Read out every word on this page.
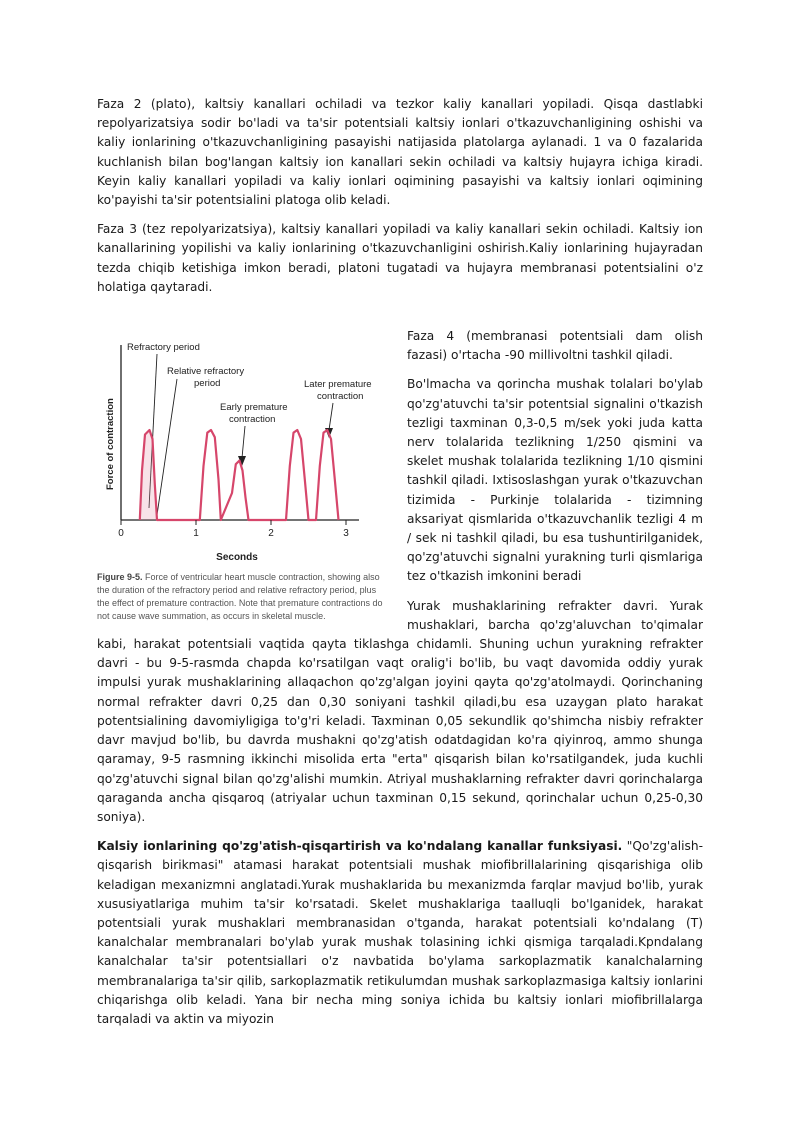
Faza 2 (plato), kaltsiy kanallari ochiladi va tezkor kaliy kanallari yopiladi. Qisqa dastlabki repolyarizatsiya sodir bo'ladi va ta'sir potentsiali kaltsiy ionlari o'tkazuvchanligining oshishi va kaliy ionlarining o'tkazuvchanligining pasayishi natijasida platolarga aylanadi. 1 va 0 fazalarida kuchlanish bilan bog'langan kaltsiy ion kanallari sekin ochiladi va kaltsiy hujayra ichiga kiradi. Keyin kaliy kanallari yopiladi va kaliy ionlari oqimining pasayishi va kaltsiy ionlari oqimining ko'payishi ta'sir potentsialini platoga olib keladi.

Faza 3 (tez repolyarizatsiya), kaltsiy kanallari yopiladi va kaliy kanallari sekin ochiladi. Kaltsiy ion kanallarining yopilishi va kaliy ionlarining o'tkazuvchanligini oshirish.Kaliy ionlarining hujayradan tezda chiqib ketishiga imkon beradi, platoni tugatadi va hujayra membranasi potentsialini o'z holatiga qaytaradi.

Force of contraction
Seconds
Refractory period
Relative refractory
period
Early premature
contraction
Later premature
contraction
0	1	2	3
Figure 9-5. Force of ventricular heart muscle contraction, showing also the duration of the refractory period and relative refractory period, plus the effect of premature contraction. Note that premature contractions do not cause wave summation, as occurs in skeletal muscle.

Faza 4 (membranasi potentsiali dam olish fazasi) o'rtacha -90 millivoltni tashkil qiladi.

Bo'lmacha va qorincha mushak tolalari bo'ylab qo'zg'atuvchi ta'sir potentsial signalini o'tkazish tezligi taxminan 0,3-0,5 m/sek yoki juda katta nerv tolalarida tezlikning 1/250 qismini va skelet mushak tolalarida tezlikning 1/10 qismini tashkil qiladi. Ixtisoslashgan yurak o'tkazuvchan tizimida - Purkinje tolalarida - tizimning aksariyat qismlarida o'tkazuvchanlik tezligi 4 m / sek ni tashkil qiladi, bu esa tushuntirilganidek, qo'zg'atuvchi signalni yurakning turli qismlariga tez o'tkazish imkonini beradi

Yurak mushaklarining refrakter davri. Yurak mushaklari, barcha qo'zg'aluvchan to'qimalar kabi, harakat potentsiali vaqtida qayta tiklashga chidamli. Shuning uchun yurakning refrakter davri - bu 9-5-rasmda chapda ko'rsatilgan vaqt oralig'i bo'lib, bu vaqt davomida oddiy yurak impulsi yurak mushaklarining allaqachon qo'zg'algan joyini qayta qo'zg'atolmaydi. Qorinchaning normal refrakter davri 0,25 dan 0,30 soniyani tashkil qiladi,bu esa uzaygan plato harakat potentsialining davomiyligiga to'g'ri keladi. Taxminan 0,05 sekundlik qo'shimcha nisbiy refrakter davr mavjud bo'lib, bu davrda mushakni qo'zg'atish odatdagidan ko'ra qiyinroq, ammo shunga qaramay, 9-5 rasmning ikkinchi misolida erta "erta" qisqarish bilan ko'rsatilgandek, juda kuchli qo'zg'atuvchi signal bilan qo'zg'alishi mumkin. Atriyal mushaklarning refrakter davri qorinchalarga qaraganda ancha qisqaroq (atriyalar uchun taxminan 0,15 sekund, qorinchalar uchun 0,25-0,30 soniya).

Kalsiy ionlarining qo'zg'atish-qisqartirish va ko'ndalang kanallar funksiyasi. "Qo'zg'alish-qisqarish birikmasi" atamasi harakat potentsiali mushak miofibrillalarining qisqarishiga olib keladigan mexanizmni anglatadi.Yurak mushaklarida bu mexanizmda farqlar mavjud bo'lib, yurak xususiyatlariga muhim ta'sir ko'rsatadi. Skelet mushaklariga taalluqli bo'lganidek, harakat potentsiali yurak mushaklari membranasidan o'tganda, harakat potentsiali ko'ndalang (T) kanalchalar membranalari bo'ylab yurak mushak tolasining ichki qismiga tarqaladi.Kpndalang kanalchalar ta'sir potentsiallari o'z navbatida bo'ylama sarkoplazmatik kanalchalarning membranalariga ta'sir qilib, sarkoplazmatik retikulumdan mushak sarkoplazmasiga kaltsiy ionlarini chiqarishga olib keladi. Yana bir necha ming soniya ichida bu kaltsiy ionlari miofibrillalarga tarqaladi va aktin va miyozin
